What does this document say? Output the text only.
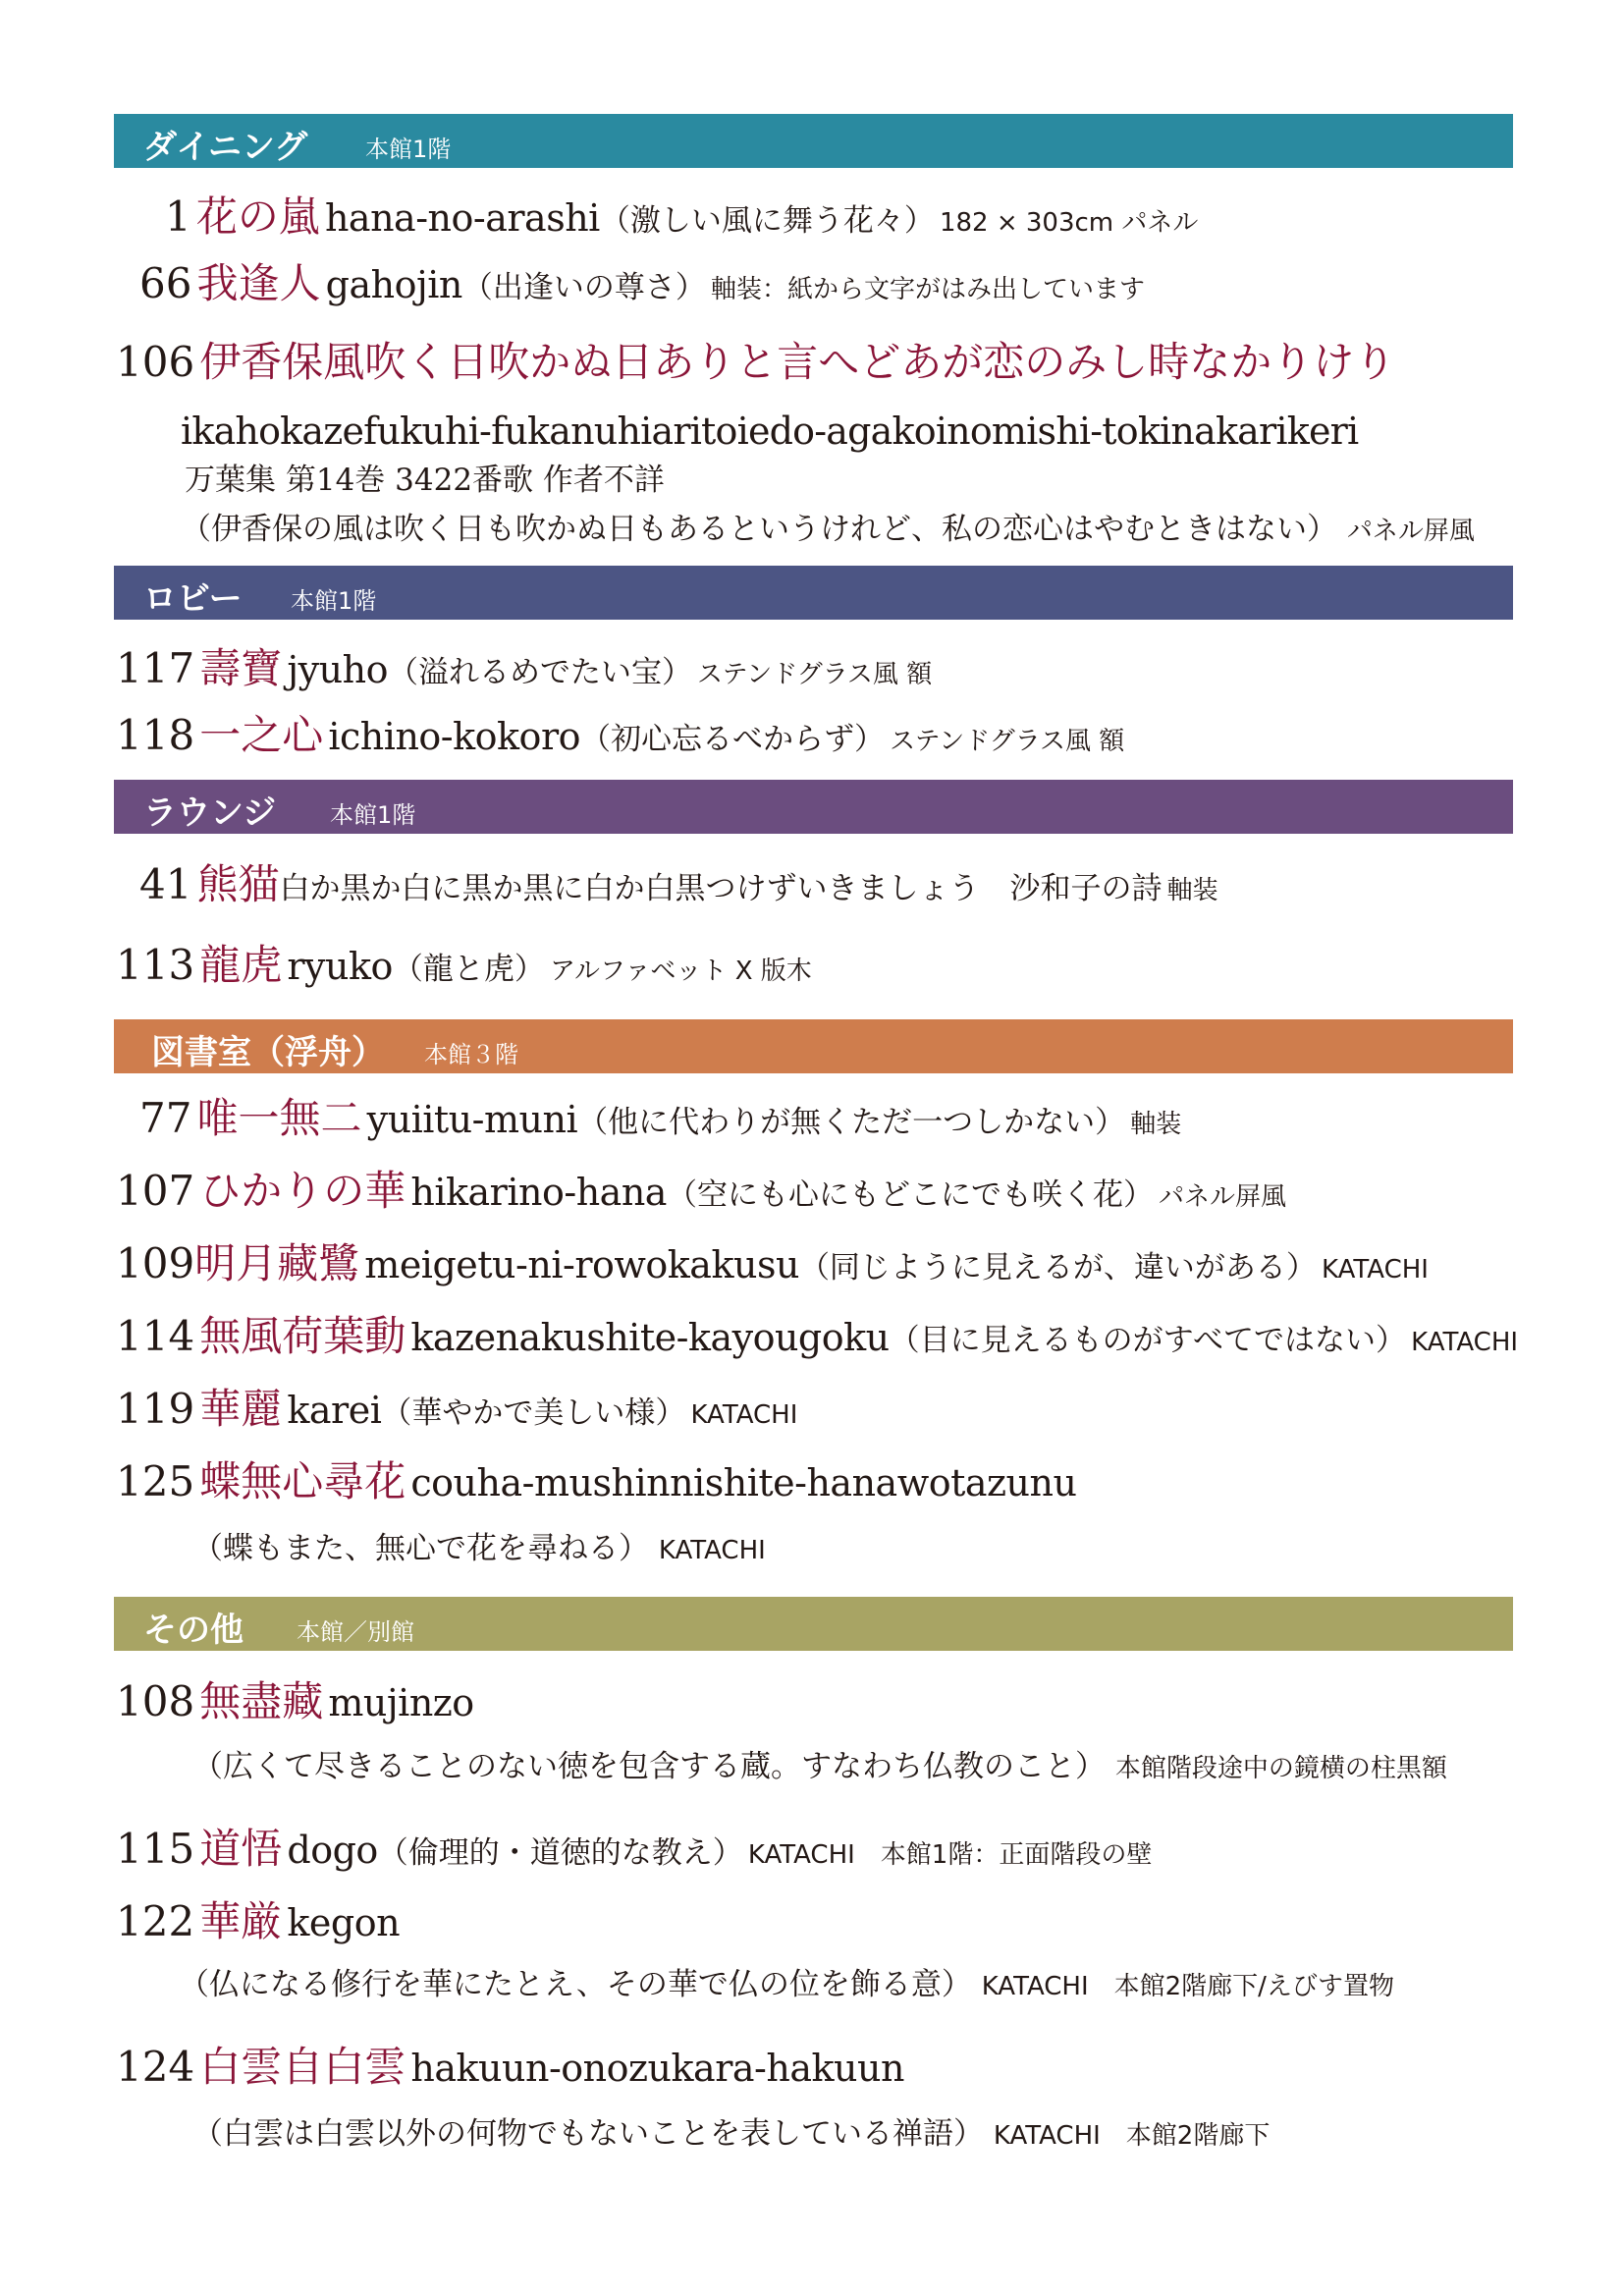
ダイニング 本館1階
1 花の嵐 hana-no-arashi（激しい風に舞う花々） 182 × 303cm パネル
66 我逢人 gahojin（出逢いの尊さ） 軸装：紙から文字がはみ出しています
106 伊香保風吹く日吹かぬ日ありと言へどあが恋のみし時なかりけり
ikahokazefukuhi-fukanuhiaritoiedo-agakoinomishi-tokinakarikeri
万葉集 第14巻 3422番歌 作者不詳
（伊香保の風は吹く日も吹かぬ日もあるというけれど、私の恋心はやむときはない） パネル屏風
ロビー 本館1階
117 壽寶 jyuho（溢れるめでたい宝） ステンドグラス風 額
118 一之心 ichino-kokoro（初心忘るべからず） ステンドグラス風 額
ラウンジ 本館1階
41 熊猫白か黒か白に黒か黒に白か白黒つけずいきましょう　沙和子の詩 軸装
113 龍虎 ryuko（龍と虎） アルファベット X 版木
図書室（浮舟） 本館３階
77 唯一無二 yuiitu-muni（他に代わりが無くただ一つしかない） 軸装
107 ひかりの華 hikarino-hana（空にも心にもどこにでも咲く花） パネル屏風
109明月藏鷺 meigetu-ni-rowokakusu（同じように見えるが、違いがある） KATACHI
114 無風荷葉動 kazenakushite-kayougoku（目に見えるものがすべてではない） KATACHI
119 華麗 karei（華やかで美しい様） KATACHI
125 蝶無心尋花 couha-mushinnishite-hanawotazunu
（蝶もまた、無心で花を尋ねる） KATACHI
その他 本館／別館
108 無盡藏 mujinzo
（広くて尽きることのない徳を包含する蔵。すなわち仏教のこと） 本館階段途中の鏡横の柱黒額
115 道悟 dogo（倫理的・道徳的な教え） KATACHI　本館1階：正面階段の壁
122 華厳 kegon
（仏になる修行を華にたとえ、その華で仏の位を飾る意） KATACHI　本館2階廊下/えびす置物
124 白雲自白雲 hakuun-onozukara-hakuun
（白雲は白雲以外の何物でもないことを表している禅語） KATACHI　本館2階廊下
